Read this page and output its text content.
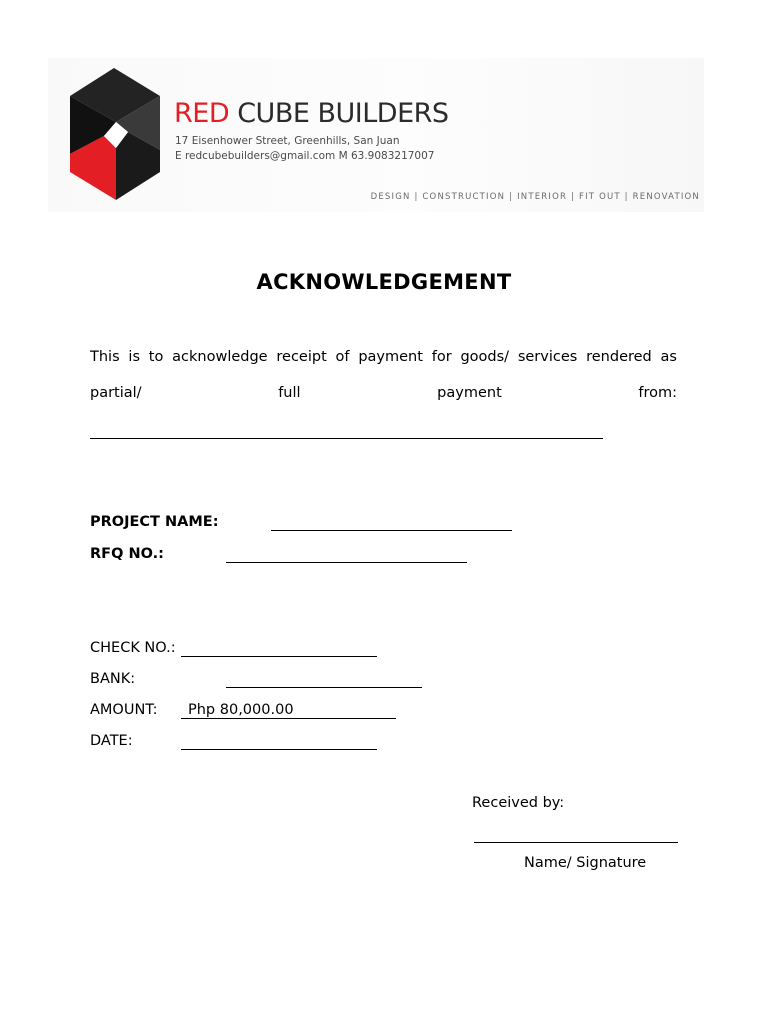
RED CUBE BUILDERS
17 Eisenhower Street, Greenhills, San Juan
E redcubebuilders@gmail.com M 63.9083217007
DESIGN | CONSTRUCTION | INTERIOR | FIT OUT | RENOVATION
ACKNOWLEDGEMENT
This is to acknowledge receipt of payment for goods/ services rendered as
partial/	full	payment	from:
PROJECT NAME:
RFQ NO.:
CHECK NO.:
BANK:
AMOUNT: Php 80,000.00
DATE:
Received by:
Name/ Signature
